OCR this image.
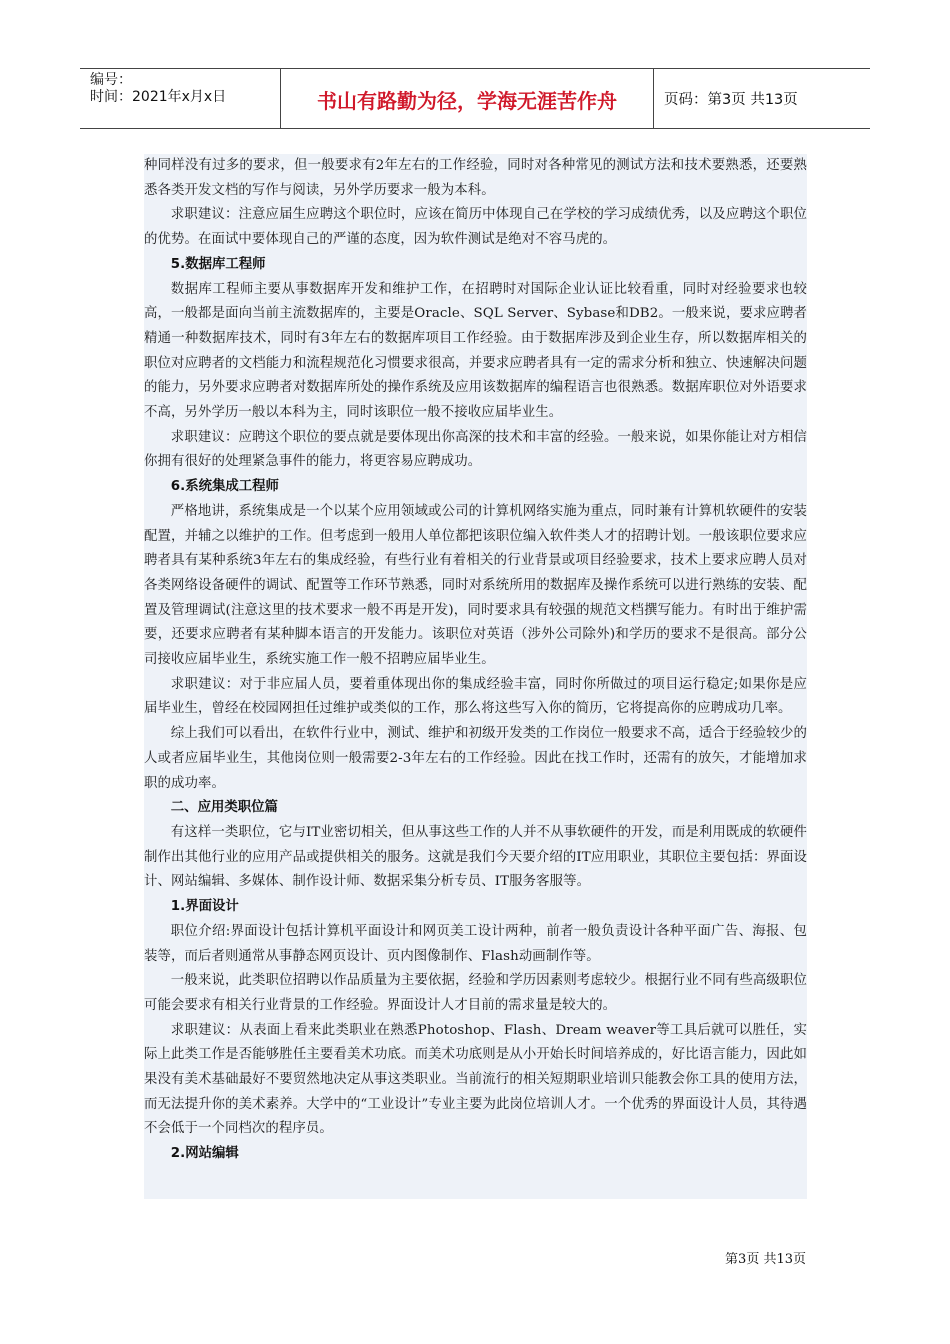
编号：
时间：2021年x月x日	书山有路勤为径，学海无涯苦作舟	页码：第3页 共13页

种同样没有过多的要求，但一般要求有2年左右的工作经验，同时对各种常见的测试方法和技术要熟悉，还要熟悉各类开发文档的写作与阅读，另外学历要求一般为本科。

求职建议：注意应届生应聘这个职位时，应该在简历中体现自己在学校的学习成绩优秀，以及应聘这个职位的优势。在面试中要体现自己的严谨的态度，因为软件测试是绝对不容马虎的。

5.数据库工程师

数据库工程师主要从事数据库开发和维护工作，在招聘时对国际企业认证比较看重，同时对经验要求也较高，一般都是面向当前主流数据库的，主要是Oracle、SQL Server、Sybase和DB2。一般来说，要求应聘者精通一种数据库技术，同时有3年左右的数据库项目工作经验。由于数据库涉及到企业生存，所以数据库相关的职位对应聘者的文档能力和流程规范化习惯要求很高，并要求应聘者具有一定的需求分析和独立、快速解决问题的能力，另外要求应聘者对数据库所处的操作系统及应用该数据库的编程语言也很熟悉。数据库职位对外语要求不高，另外学历一般以本科为主，同时该职位一般不接收应届毕业生。

求职建议：应聘这个职位的要点就是要体现出你高深的技术和丰富的经验。一般来说，如果你能让对方相信你拥有很好的处理紧急事件的能力，将更容易应聘成功。

6.系统集成工程师

严格地讲，系统集成是一个以某个应用领域或公司的计算机网络实施为重点，同时兼有计算机软硬件的安装配置，并辅之以维护的工作。但考虑到一般用人单位都把该职位编入软件类人才的招聘计划。一般该职位要求应聘者具有某种系统3年左右的集成经验，有些行业有着相关的行业背景或项目经验要求，技术上要求应聘人员对各类网络设备硬件的调试、配置等工作环节熟悉，同时对系统所用的数据库及操作系统可以进行熟练的安装、配置及管理调试(注意这里的技术要求一般不再是开发)，同时要求具有较强的规范文档撰写能力。有时出于维护需要，还要求应聘者有某种脚本语言的开发能力。该职位对英语（涉外公司除外)和学历的要求不是很高。部分公司接收应届毕业生，系统实施工作一般不招聘应届毕业生。

求职建议：对于非应届人员，要着重体现出你的集成经验丰富，同时你所做过的项目运行稳定;如果你是应届毕业生，曾经在校园网担任过维护或类似的工作，那么将这些写入你的简历，它将提高你的应聘成功几率。

综上我们可以看出，在软件行业中，测试、维护和初级开发类的工作岗位一般要求不高，适合于经验较少的人或者应届毕业生，其他岗位则一般需要2-3年左右的工作经验。因此在找工作时，还需有的放矢，才能增加求职的成功率。

二、应用类职位篇

有这样一类职位，它与IT业密切相关，但从事这些工作的人并不从事软硬件的开发，而是利用既成的软硬件制作出其他行业的应用产品或提供相关的服务。这就是我们今天要介绍的IT应用职业，其职位主要包括：界面设计、网站编辑、多媒体、制作设计师、数据采集分析专员、IT服务客服等。

1.界面设计

职位介绍:界面设计包括计算机平面设计和网页美工设计两种，前者一般负责设计各种平面广告、海报、包装等，而后者则通常从事静态网页设计、页内图像制作、Flash动画制作等。

一般来说，此类职位招聘以作品质量为主要依据，经验和学历因素则考虑较少。根据行业不同有些高级职位可能会要求有相关行业背景的工作经验。界面设计人才目前的需求量是较大的。

求职建议：从表面上看来此类职业在熟悉Photoshop、Flash、Dream weaver等工具后就可以胜任，实际上此类工作是否能够胜任主要看美术功底。而美术功底则是从小开始长时间培养成的，好比语言能力，因此如果没有美术基础最好不要贸然地决定从事这类职业。当前流行的相关短期职业培训只能教会你工具的使用方法，而无法提升你的美术素养。大学中的“工业设计”专业主要为此岗位培训人才。一个优秀的界面设计人员，其待遇不会低于一个同档次的程序员。

2.网站编辑
第3页 共13页
